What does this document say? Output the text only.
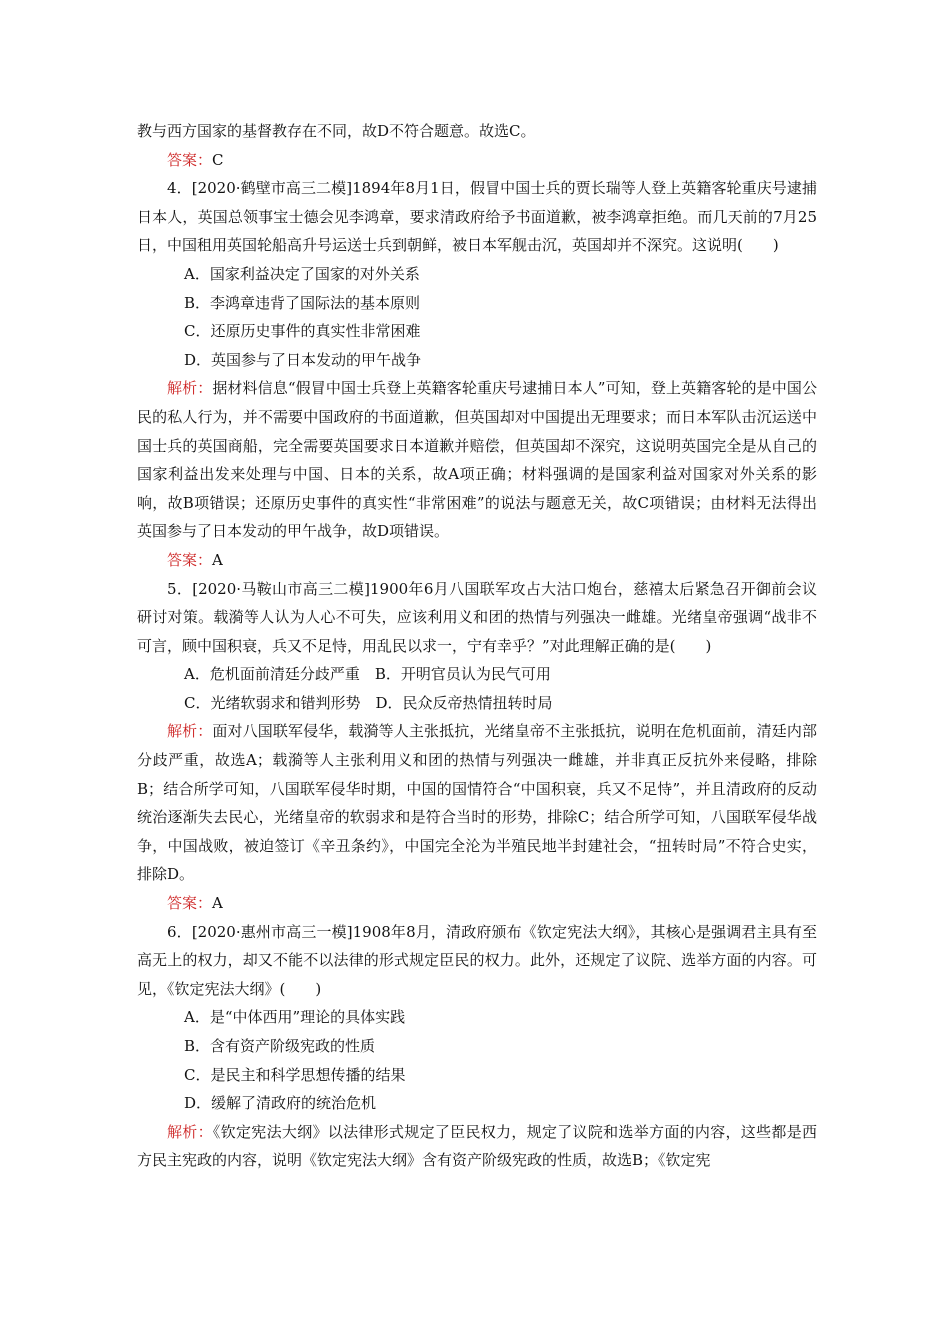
教与西方国家的基督教存在不同，故D不符合题意。故选C。

答案：C

4．[2020·鹤壁市高三二模]1894年8月1日，假冒中国士兵的贾长瑞等人登上英籍客轮重庆号逮捕日本人，英国总领事宝士德会见李鸿章，要求清政府给予书面道歉，被李鸿章拒绝。而几天前的7月25日，中国租用英国轮船高升号运送士兵到朝鲜，被日本军舰击沉，英国却并不深究。这说明(　　)

A．国家利益决定了国家的对外关系

B．李鸿章违背了国际法的基本原则

C．还原历史事件的真实性非常困难

D．英国参与了日本发动的甲午战争

解析：据材料信息“假冒中国士兵登上英籍客轮重庆号逮捕日本人”可知，登上英籍客轮的是中国公民的私人行为，并不需要中国政府的书面道歉，但英国却对中国提出无理要求；而日本军队击沉运送中国士兵的英国商船，完全需要英国要求日本道歉并赔偿，但英国却不深究，这说明英国完全是从自己的国家利益出发来处理与中国、日本的关系，故A项正确；材料强调的是国家利益对国家对外关系的影响，故B项错误；还原历史事件的真实性“非常困难”的说法与题意无关，故C项错误；由材料无法得出英国参与了日本发动的甲午战争，故D项错误。

答案：A

5．[2020·马鞍山市高三二模]1900年6月八国联军攻占大沽口炮台，慈禧太后紧急召开御前会议研讨对策。载漪等人认为人心不可失，应该利用义和团的热情与列强决一雌雄。光绪皇帝强调“战非不可言，顾中国积衰，兵又不足恃，用乱民以求一，宁有幸乎？”对此理解正确的是(　　)

A．危机面前清廷分歧严重　B．开明官员认为民气可用

C．光绪软弱求和错判形势　D．民众反帝热情扭转时局

解析：面对八国联军侵华，载漪等人主张抵抗，光绪皇帝不主张抵抗，说明在危机面前，清廷内部分歧严重，故选A；载漪等人主张利用义和团的热情与列强决一雌雄，并非真正反抗外来侵略，排除B；结合所学可知，八国联军侵华时期，中国的国情符合“中国积衰，兵又不足恃”，并且清政府的反动统治逐渐失去民心，光绪皇帝的软弱求和是符合当时的形势，排除C；结合所学可知，八国联军侵华战争，中国战败，被迫签订《辛丑条约》，中国完全沦为半殖民地半封建社会，“扭转时局”不符合史实，排除D。

答案：A

6．[2020·惠州市高三一模]1908年8月，清政府颁布《钦定宪法大纲》，其核心是强调君主具有至高无上的权力，却又不能不以法律的形式规定臣民的权力。此外，还规定了议院、选举方面的内容。可见，《钦定宪法大纲》(　　)

A．是“中体西用”理论的具体实践

B．含有资产阶级宪政的性质

C．是民主和科学思想传播的结果

D．缓解了清政府的统治危机

解析：《钦定宪法大纲》以法律形式规定了臣民权力，规定了议院和选举方面的内容，这些都是西方民主宪政的内容，说明《钦定宪法大纲》含有资产阶级宪政的性质，故选B；《钦定宪
